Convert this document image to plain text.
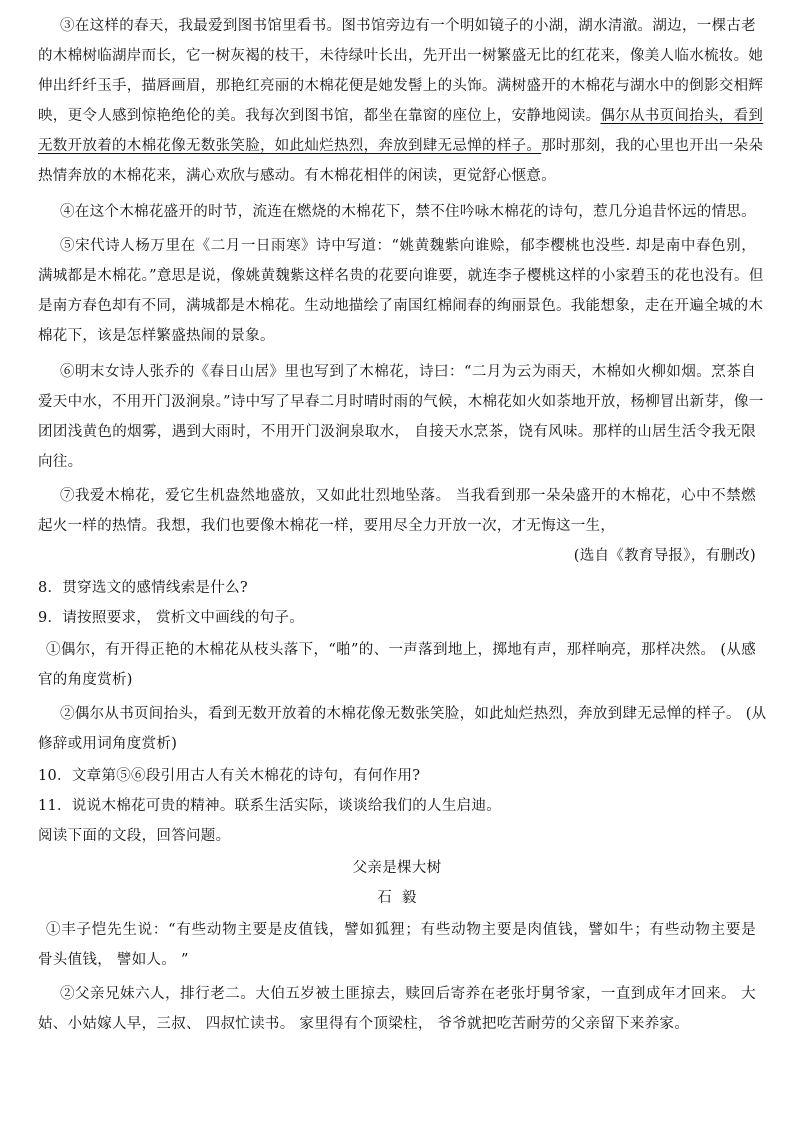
③在这样的春天，我最爱到图书馆里看书。图书馆旁边有一个明如镜子的小湖，湖水清澈。湖边，一棵古老
的木棉树临湖岸而长，它一树灰褐的枝干，未待绿叶长出，先开出一树繁盛无比的红花来，像美人临水梳妆。她
伸出纤纤玉手，描唇画眉，那艳红亮丽的木棉花便是她发髻上的头饰。满树盛开的木棉花与湖水中的倒影交相辉
映，更令人感到惊艳绝伦的美。我每次到图书馆，都坐在靠窗的座位上，安静地阅读。偶尔从书页间抬头，看到
无数开放着的木棉花像无数张笑脸，如此灿烂热烈，奔放到肆无忌惮的样子。那时那刻，我的心里也开出一朵朵
热情奔放的木棉花来，满心欢欣与感动。有木棉花相伴的闲读，更觉舒心惬意。
④在这个木棉花盛开的时节，流连在燃烧的木棉花下，禁不住吟咏木棉花的诗句，惹几分追昔怀远的情思。
⑤宋代诗人杨万里在《二月一日雨寒》诗中写道：“姚黄魏紫向谁赊，郁李樱桃也没些. 却是南中春色别，
满城都是木棉花。”意思是说，像姚黄魏紫这样名贵的花要向谁要，就连李子樱桃这样的小家碧玉的花也没有。但
是南方春色却有不同，满城都是木棉花。生动地描绘了南国红棉闹春的绚丽景色。我能想象，走在开遍全城的木
棉花下，该是怎样繁盛热闹的景象。
⑥明末女诗人张乔的《春日山居》里也写到了木棉花，诗曰：“二月为云为雨天，木棉如火柳如烟。烹茶自
爱天中水，不用开门汲涧泉。”诗中写了早春二月时晴时雨的气候，木棉花如火如荼地开放，杨柳冒出新芽，像一
团团浅黄色的烟雾，遇到大雨时，不用开门汲涧泉取水， 自接天水烹茶，饶有风味。那样的山居生活令我无限
向往。
⑦我爱木棉花，爱它生机盎然地盛放，又如此壮烈地坠落。 当我看到那一朵朵盛开的木棉花，心中不禁燃
起火一样的热情。我想，我们也要像木棉花一样，要用尽全力开放一次，才无悔这一生，
(选自《教育导报》，有删改)
8．贯穿选文的感情线索是什么?
9．请按照要求， 赏析文中画线的句子。
①偶尔，有开得正艳的木棉花从枝头落下，“啪”的、一声落到地上，掷地有声，那样响亮，那样决然。 (从感
官的角度赏析)
②偶尔从书页间抬头，看到无数开放着的木棉花像无数张笑脸，如此灿烂热烈，奔放到肆无忌惮的样子。 (从
修辞或用词角度赏析)
10．文章第⑤⑥段引用古人有关木棉花的诗句，有何作用?
11．说说木棉花可贵的精神。联系生活实际，谈谈给我们的人生启迪。
阅读下面的文段，回答问题。
父亲是棵大树
石  毅
①丰子恺先生说：“有些动物主要是皮值钱，譬如狐狸；有些动物主要是肉值钱，譬如牛；有些动物主要是
骨头值钱， 譬如人。 ”
②父亲兄妹六人，排行老二。大伯五岁被土匪掠去，赎回后寄养在老张圩舅爷家，一直到成年才回来。 大
姑、小姑嫁人早，三叔、 四叔忙读书。 家里得有个顶梁柱， 爷爷就把吃苦耐劳的父亲留下来养家。
